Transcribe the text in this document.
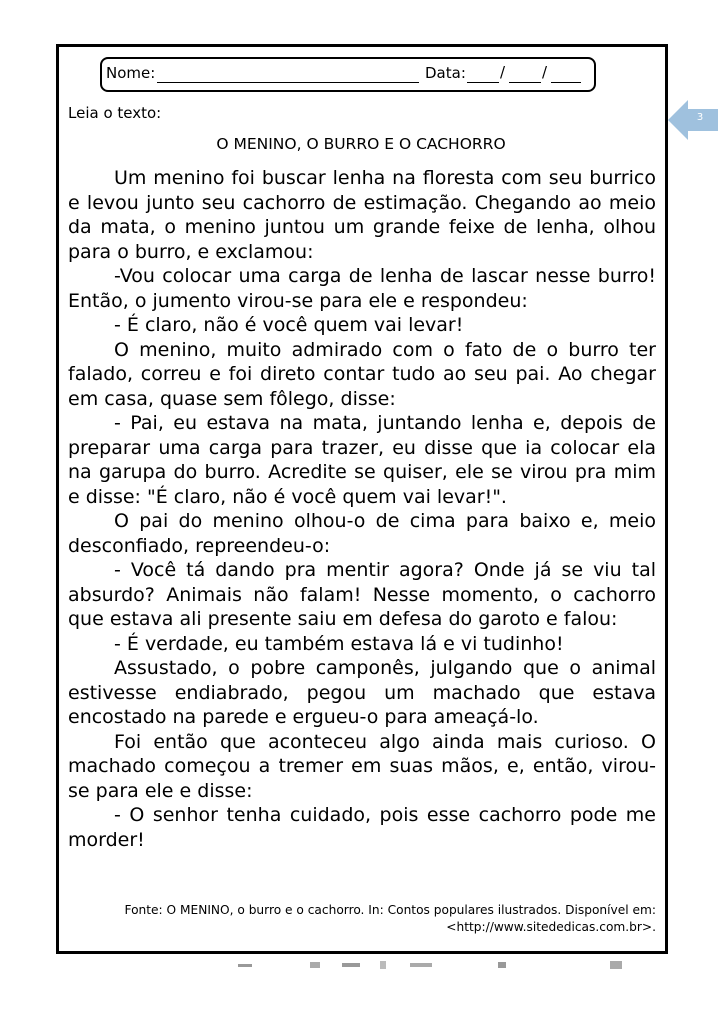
Nome:	Data: / /
Leia o texto:
O MENINO, O BURRO E O CACHORRO

Um menino foi buscar lenha na floresta com seu burrico e levou junto seu cachorro de estimação. Chegando ao meio da mata, o menino juntou um grande feixe de lenha, olhou para o burro, e exclamou:

-Vou colocar uma carga de lenha de lascar nesse burro! Então, o jumento virou-se para ele e respondeu:

- É claro, não é você quem vai levar!

O menino, muito admirado com o fato de o burro ter falado, correu e foi direto contar tudo ao seu pai. Ao chegar em casa, quase sem fôlego, disse:

- Pai, eu estava na mata, juntando lenha e, depois de preparar uma carga para trazer, eu disse que ia colocar ela na garupa do burro. Acredite se quiser, ele se virou pra mim e disse: "É claro, não é você quem vai levar!".

O pai do menino olhou-o de cima para baixo e, meio desconfiado, repreendeu-o:

- Você tá dando pra mentir agora? Onde já se viu tal absurdo? Animais não falam! Nesse momento, o cachorro que estava ali presente saiu em defesa do garoto e falou:

- É verdade, eu também estava lá e vi tudinho!

Assustado, o pobre camponês, julgando que o animal estivesse endiabrado, pegou um machado que estava encostado na parede e ergueu-o para ameaçá-lo.

Foi então que aconteceu algo ainda mais curioso. O machado começou a tremer em suas mãos, e, então, virou-se para ele e disse:

- O senhor tenha cuidado, pois esse cachorro pode me morder!

Fonte: O MENINO, o burro e o cachorro. In: Contos populares ilustrados. Disponível em:
<http://www.sitededicas.com.br>.
3
